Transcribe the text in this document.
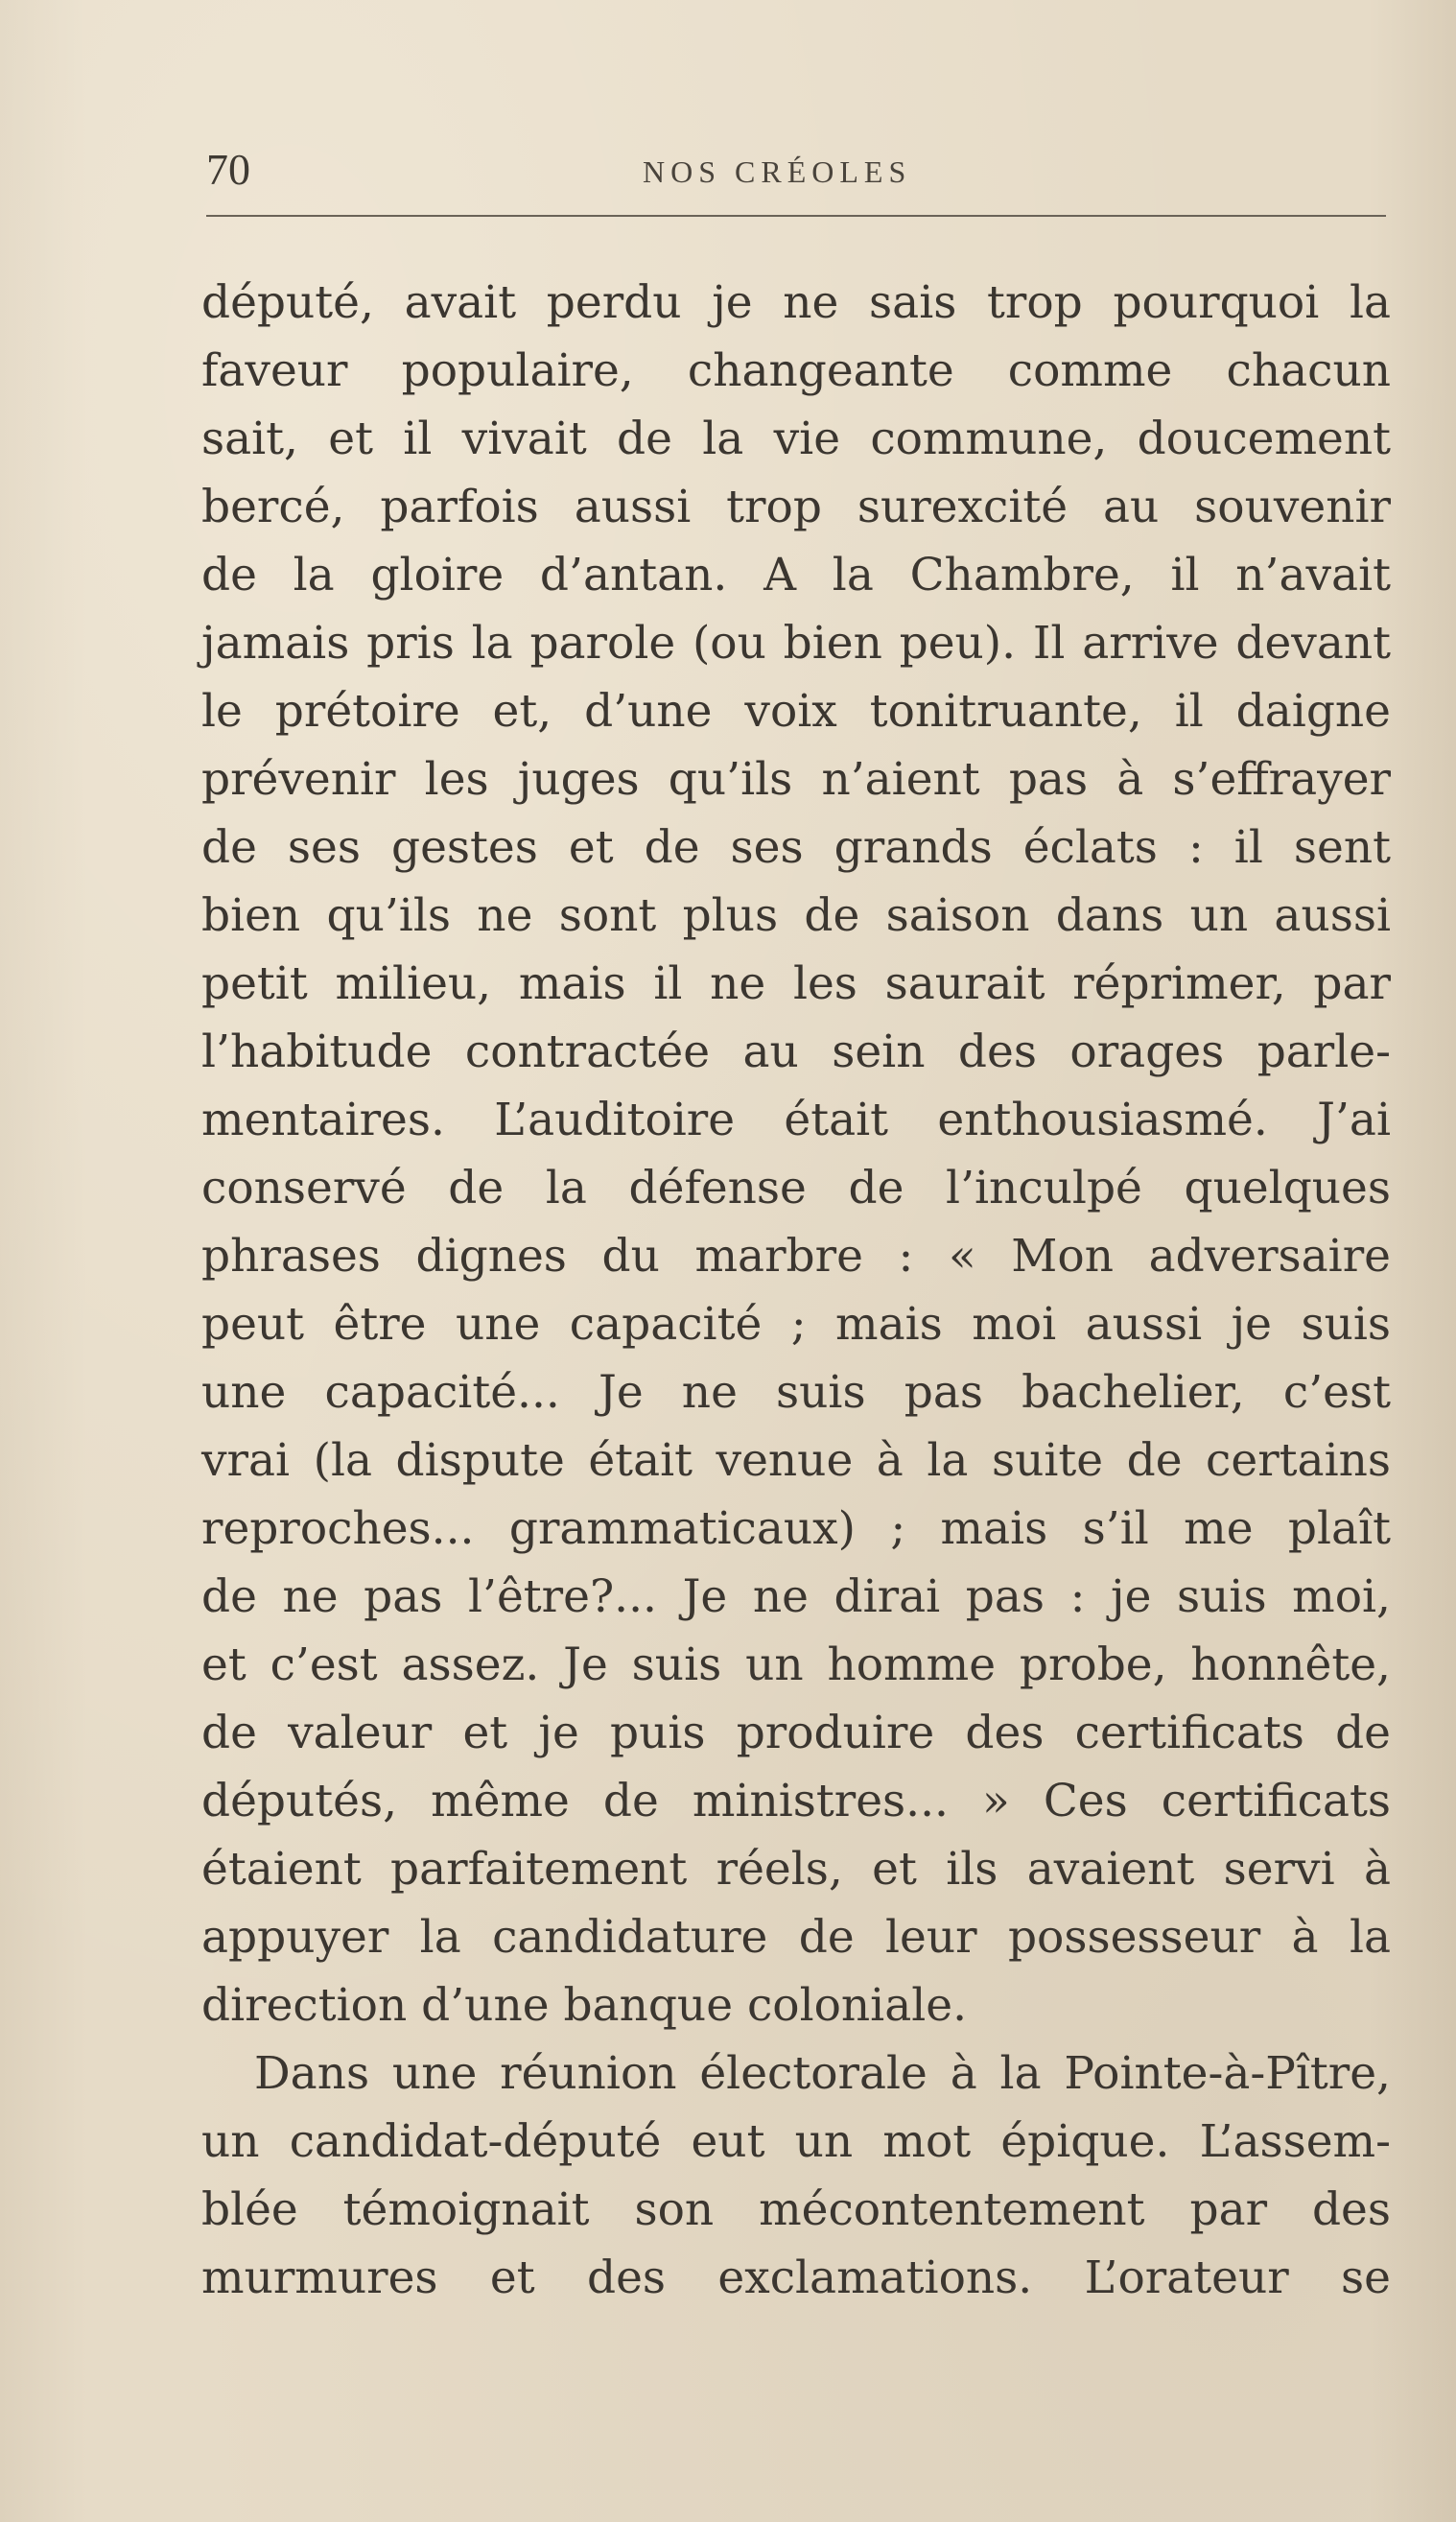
70	NOS CRÉOLES
député, avait perdu je ne sais trop pourquoi la
faveur populaire, changeante comme chacun
sait, et il vivait de la vie commune, doucement
bercé, parfois aussi trop surexcité au souvenir
de la gloire d’antan. A la Chambre, il n’avait
jamais pris la parole (ou bien peu). Il arrive devant
le prétoire et, d’une voix tonitruante, il daigne
prévenir les juges qu’ils n’aient pas à s’effrayer
de ses gestes et de ses grands éclats : il sent
bien qu’ils ne sont plus de saison dans un aussi
petit milieu, mais il ne les saurait réprimer, par
l’habitude contractée au sein des orages parle-
mentaires. L’auditoire était enthousiasmé. J’ai
conservé de la défense de l’inculpé quelques
phrases dignes du marbre : « Mon adversaire
peut être une capacité ; mais moi aussi je suis
une capacité... Je ne suis pas bachelier, c’est
vrai (la dispute était venue à la suite de certains
reproches... grammaticaux) ; mais s’il me plaît
de ne pas l’être?... Je ne dirai pas : je suis moi,
et c’est assez. Je suis un homme probe, honnête,
de valeur et je puis produire des certificats de
députés, même de ministres... » Ces certificats
étaient parfaitement réels, et ils avaient servi à
appuyer la candidature de leur possesseur à la
direction d’une banque coloniale.
Dans une réunion électorale à la Pointe-à-Pître,
un candidat-député eut un mot épique. L’assem-
blée témoignait son mécontentement par des
murmures et des exclamations. L’orateur se
